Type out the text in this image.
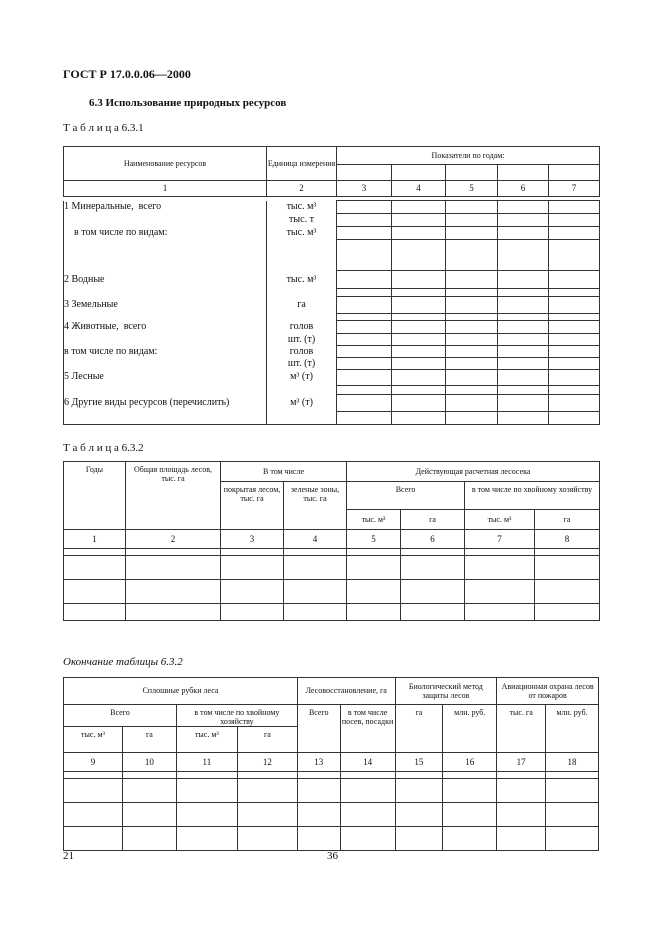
ГОСТ Р 17.0.0.06—2000
6.3 Использование природных ресурсов
Т а б л и ц а 6.3.1
Наименование ресурсов	Единица измерения	Показатели по годам:				

1	2	3	4	5	6	7

1 Минеральные,  всего	тыс. м³					
	тыс. т					
в том числе по видам:	тыс. м³					

2 Водные	тыс. м³					

3 Земельные	га					

4 Животные,  всего	голов					
	шт. (т)					
в том числе по видам:	голов					
	шт. (т)					
5 Лесные	м³ (т)					

6 Другие виды ресурсов (перечислить)	м³ (т)					

Т а б л и ц а 6.3.2
Годы	Общая площадь лесов, тыс. га	В том числе		Действующая расчетная лесосека			
		покрытая лесом, тыс. га	зеленые зоны, тыс. га	Всего		в том числе по хвойному хозяйству	
				тыс. м³	га	тыс. м³	га
1	2	3	4	5	6	7	8

Окончание таблицы 6.3.2
Сплошные рубки леса				Лесовосстановление, га		Биологический метод защиты лесов		Авиационная охрана лесов от пожаров	
Всего		в том числе по хвойному хозяйству		Всего	в том числе посев, посадки	га	млн. руб.	тыс. га	млн. руб.
тыс. м³	га	тыс. м³	га						
9	10	11	12	13	14	15	16	17	18

21	36
